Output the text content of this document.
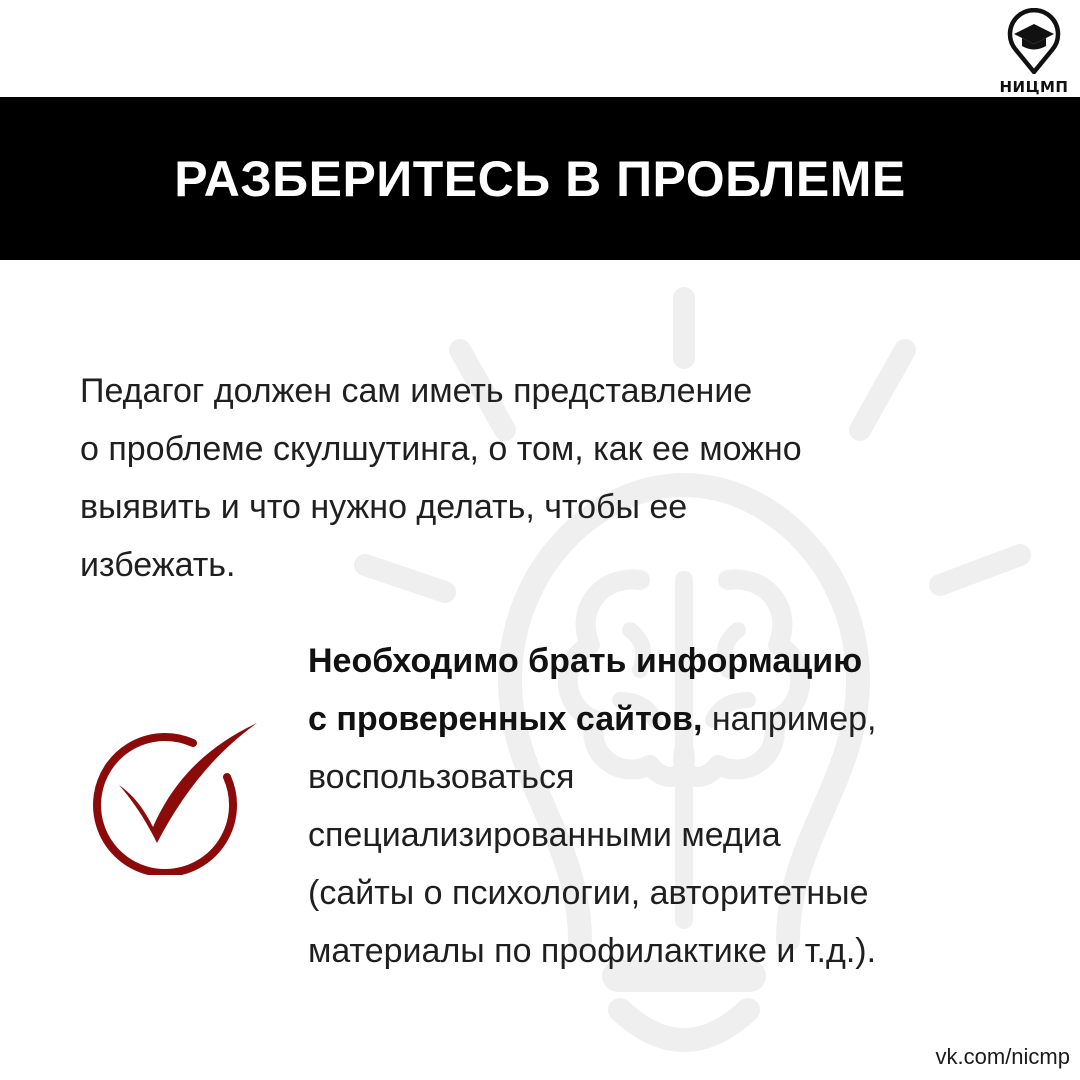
НИЦМП
РАЗБЕРИТЕСЬ В ПРОБЛЕМЕ

Педагог должен сам иметь представление
о проблеме скулшутинга, о том, как ее можно
выявить и что нужно делать, чтобы ее
избежать.

Необходимо брать информацию
с проверенных сайтов, например,
воспользоваться
специализированными медиа
(сайты о психологии, авторитетные
материалы по профилактике и т.д.).

vk.com/nicmp
